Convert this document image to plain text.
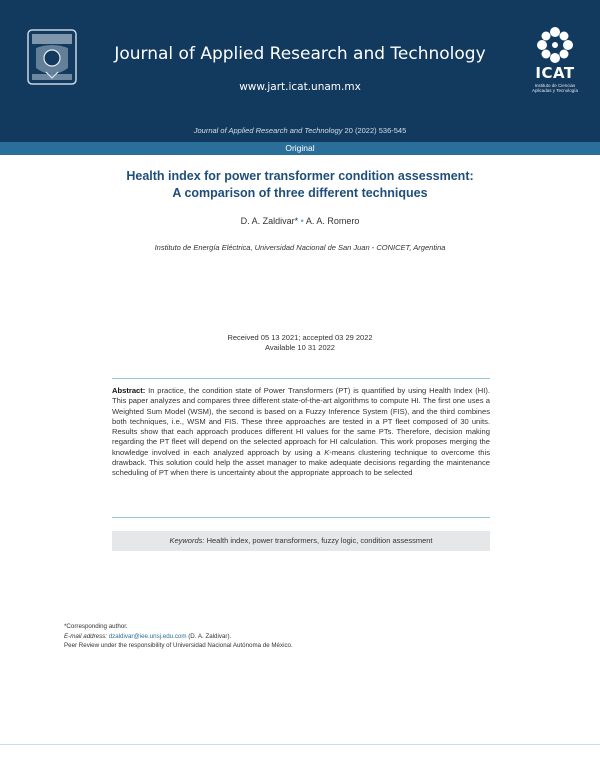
Journal of Applied Research and Technology
www.jart.icat.unam.mx
ICAT
Instituto de Ciencias
Aplicadas y Tecnología
Journal of Applied Research and Technology 20 (2022) 536-545
Original
Health index for power transformer condition assessment:
A comparison of three different techniques
D. A. Zaldivar* • A. A. Romero
Instituto de Energía Eléctrica, Universidad Nacional de San Juan - CONICET, Argentina
Received 05 13 2021; accepted 03 29 2022
Available 10 31 2022
Abstract: In practice, the condition state of Power Transformers (PT) is quantified by using Health Index (HI). This paper analyzes and compares three different state-of-the-art algorithms to compute HI. The first one uses a Weighted Sum Model (WSM), the second is based on a Fuzzy Inference System (FIS), and the third combines both techniques, i.e., WSM and FIS. These three approaches are tested in a PT fleet composed of 30 units. Results show that each approach produces different HI values for the same PTs. Therefore, decision making regarding the PT fleet will depend on the selected approach for HI calculation. This work proposes merging the knowledge involved in each analyzed approach by using a K-means clustering technique to overcome this drawback. This solution could help the asset manager to make adequate decisions regarding the maintenance scheduling of PT when there is uncertainty about the appropriate approach to be selected
Keywords: Health index, power transformers, fuzzy logic, condition assessment
*Corresponding author.
E-mail address: dzaldivar@iee.unsj.edu.com (D. A. Zaldivar).
Peer Review under the responsibility of Universidad Nacional Autónoma de México.
